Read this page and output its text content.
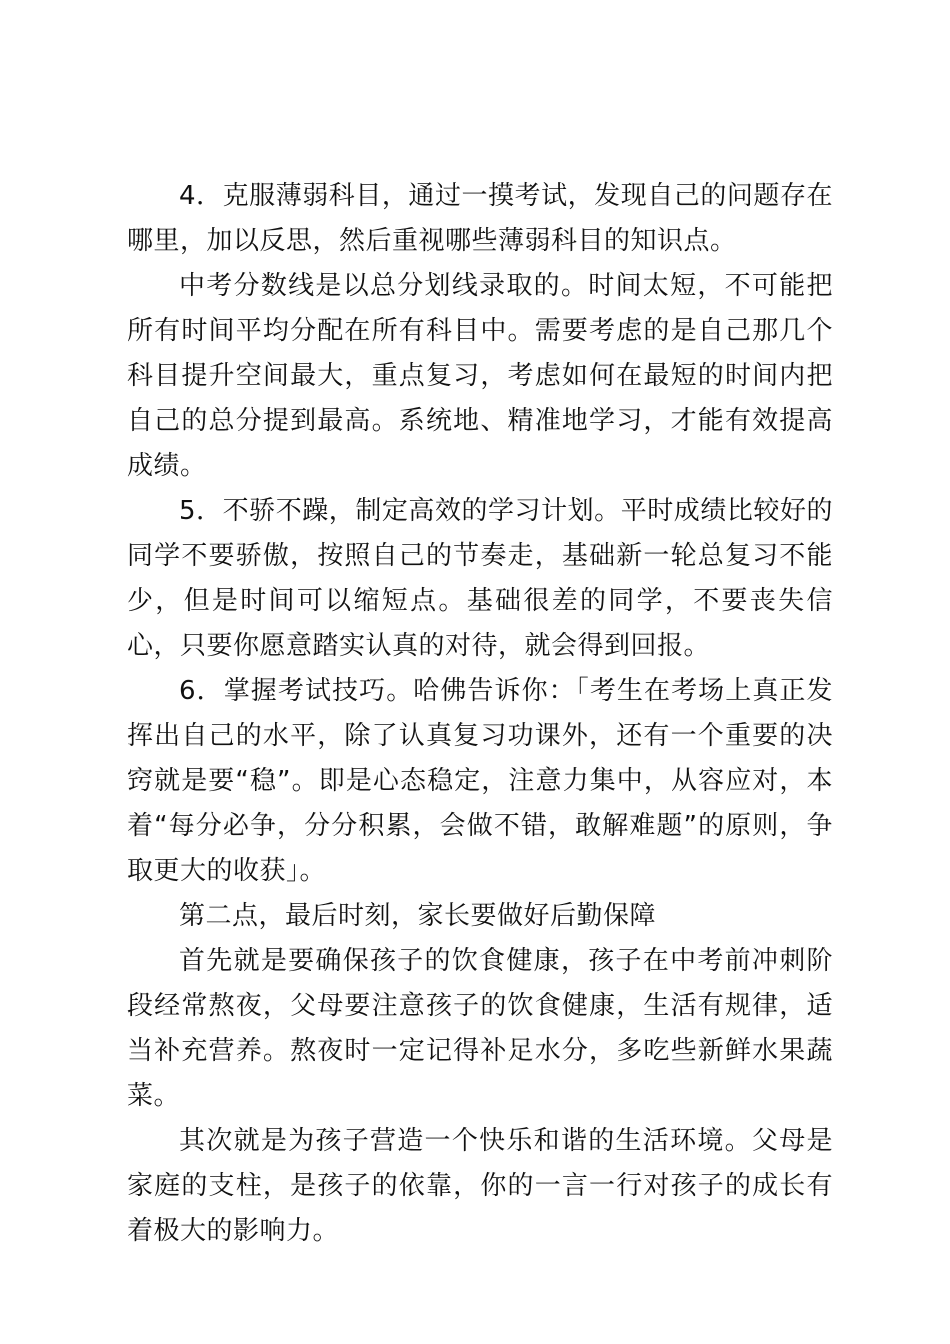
4．克服薄弱科目，通过一摸考试，发现自己的问题存在哪里，加以反思，然后重视哪些薄弱科目的知识点。

中考分数线是以总分划线录取的。时间太短，不可能把所有时间平均分配在所有科目中。需要考虑的是自己那几个科目提升空间最大，重点复习，考虑如何在最短的时间内把自己的总分提到最高。系统地、精准地学习，才能有效提高成绩。

5．不骄不躁，制定高效的学习计划。平时成绩比较好的同学不要骄傲，按照自己的节奏走，基础新一轮总复习不能少，但是时间可以缩短点。基础很差的同学，不要丧失信心，只要你愿意踏实认真的对待，就会得到回报。

6．掌握考试技巧。哈佛告诉你：「考生在考场上真正发挥出自己的水平，除了认真复习功课外，还有一个重要的决窍就是要“稳”。即是心态稳定，注意力集中，从容应对，本着“每分必争，分分积累，会做不错，敢解难题”的原则，争取更大的收获」。

第二点，最后时刻，家长要做好后勤保障

首先就是要确保孩子的饮食健康，孩子在中考前冲刺阶段经常熬夜，父母要注意孩子的饮食健康，生活有规律，适当补充营养。熬夜时一定记得补足水分，多吃些新鲜水果蔬菜。

其次就是为孩子营造一个快乐和谐的生活环境。父母是家庭的支柱，是孩子的依靠，你的一言一行对孩子的成长有着极大的影响力。
